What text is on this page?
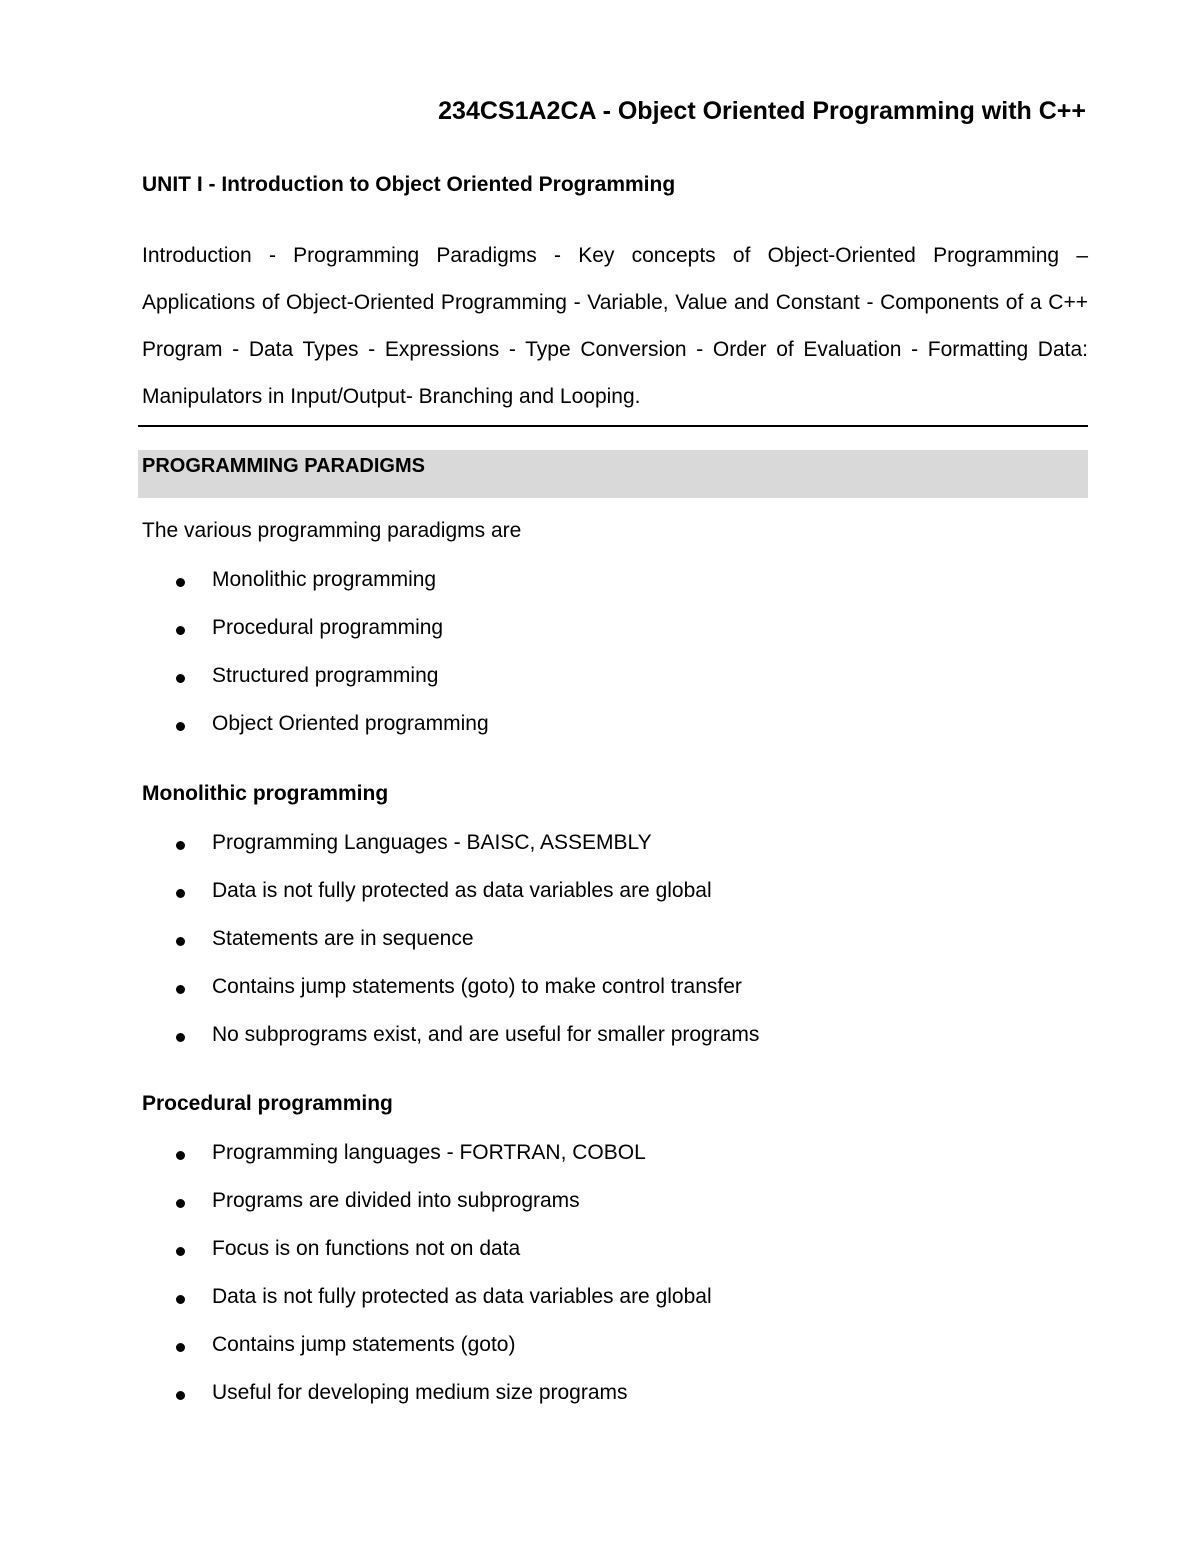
234CS1A2CA - Object Oriented Programming with C++
UNIT I - Introduction to Object Oriented Programming
Introduction - Programming Paradigms - Key concepts of Object-Oriented Programming – Applications of Object-Oriented Programming - Variable, Value and Constant - Components of a C++ Program - Data Types - Expressions - Type Conversion - Order of Evaluation - Formatting Data: Manipulators in Input/Output- Branching and Looping.
PROGRAMMING PARADIGMS
The various programming paradigms are
Monolithic programming
Procedural programming
Structured programming
Object Oriented programming
Monolithic programming
Programming Languages - BAISC, ASSEMBLY
Data is not fully protected as data variables are global
Statements are in sequence
Contains jump statements (goto) to make control transfer
No subprograms exist, and are useful for smaller programs
Procedural programming
Programming languages - FORTRAN, COBOL
Programs are divided into subprograms
Focus is on functions not on data
Data is not fully protected as data variables are global
Contains jump statements (goto)
Useful for developing medium size programs
